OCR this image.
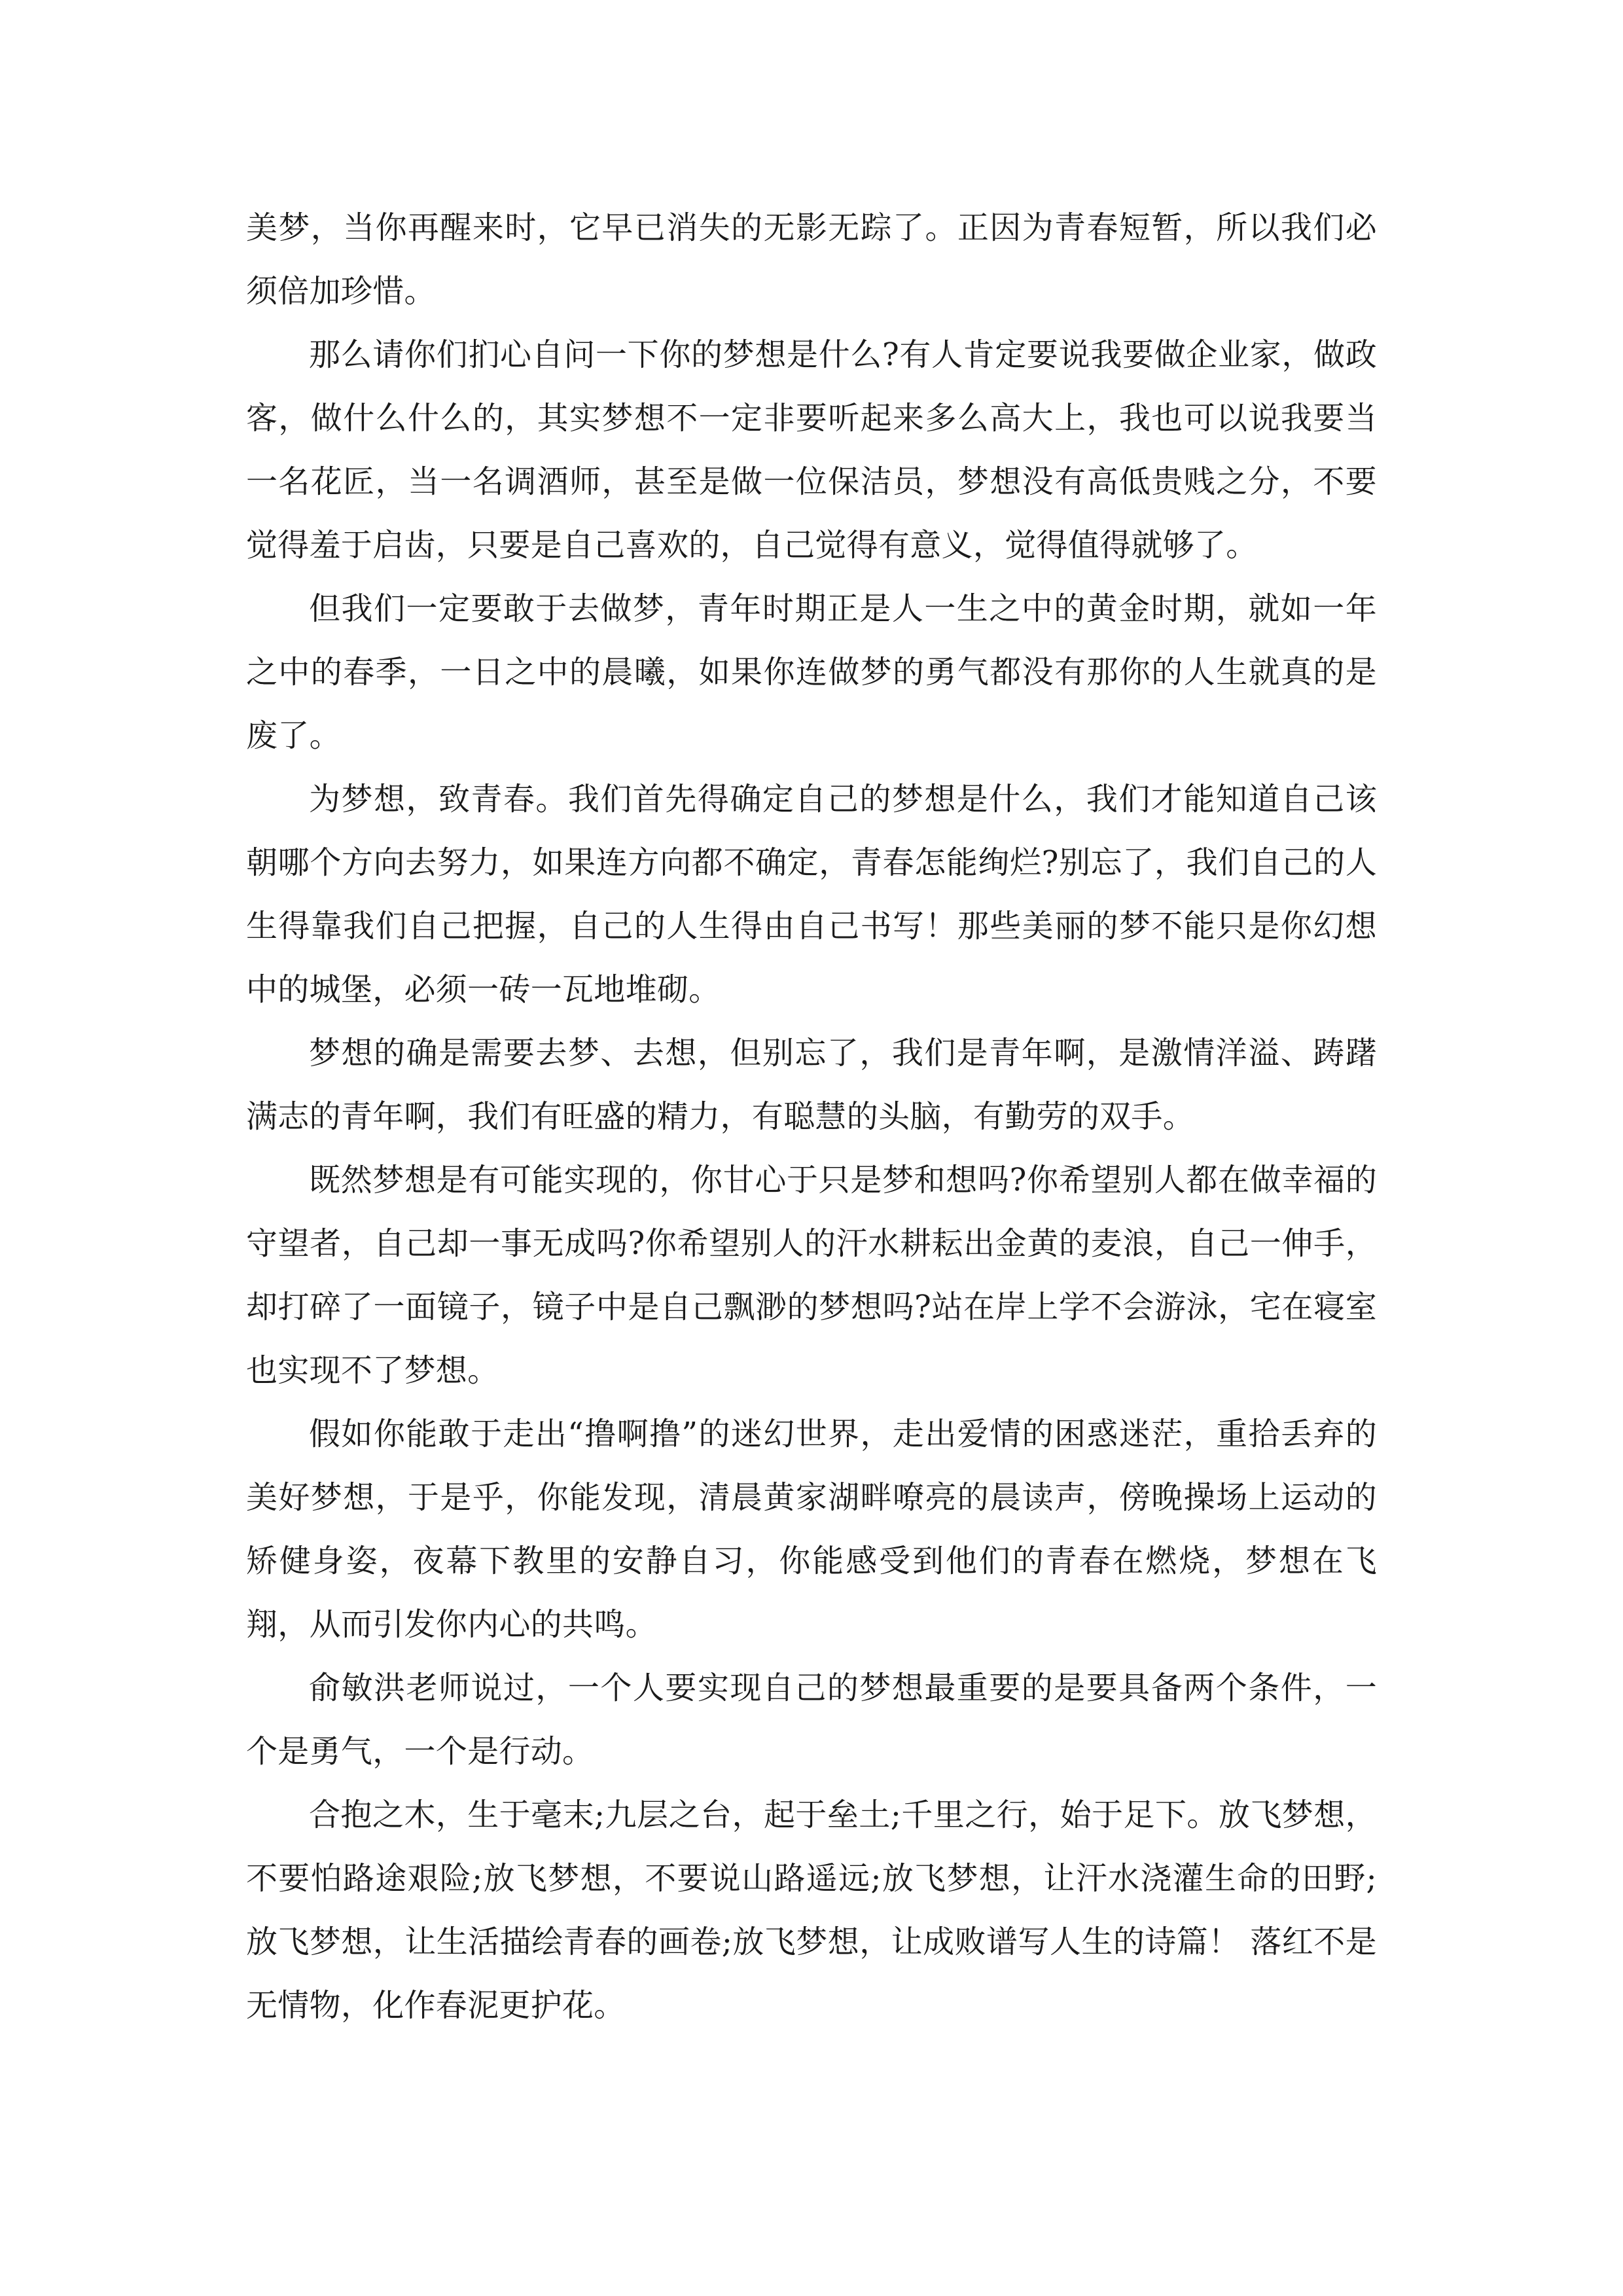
美梦，当你再醒来时，它早已消失的无影无踪了。正因为青春短暂，所以我们必须倍加珍惜。

那么请你们扪心自问一下你的梦想是什么?有人肯定要说我要做企业家，做政客，做什么什么的，其实梦想不一定非要听起来多么高大上，我也可以说我要当一名花匠，当一名调酒师，甚至是做一位保洁员，梦想没有高低贵贱之分，不要觉得羞于启齿，只要是自己喜欢的，自己觉得有意义，觉得值得就够了。

但我们一定要敢于去做梦，青年时期正是人一生之中的黄金时期，就如一年之中的春季，一日之中的晨曦，如果你连做梦的勇气都没有那你的人生就真的是废了。

为梦想，致青春。我们首先得确定自己的梦想是什么，我们才能知道自己该朝哪个方向去努力，如果连方向都不确定，青春怎能绚烂?别忘了，我们自己的人生得靠我们自己把握，自己的人生得由自己书写！那些美丽的梦不能只是你幻想中的城堡，必须一砖一瓦地堆砌。

梦想的确是需要去梦、去想，但别忘了，我们是青年啊，是激情洋溢、踌躇满志的青年啊，我们有旺盛的精力，有聪慧的头脑，有勤劳的双手。

既然梦想是有可能实现的，你甘心于只是梦和想吗?你希望别人都在做幸福的守望者，自己却一事无成吗?你希望别人的汗水耕耘出金黄的麦浪，自己一伸手，却打碎了一面镜子，镜子中是自己飘渺的梦想吗?站在岸上学不会游泳，宅在寝室也实现不了梦想。

假如你能敢于走出“撸啊撸”的迷幻世界，走出爱情的困惑迷茫，重拾丢弃的美好梦想，于是乎，你能发现，清晨黄家湖畔嘹亮的晨读声，傍晚操场上运动的矫健身姿，夜幕下教里的安静自习，你能感受到他们的青春在燃烧，梦想在飞翔，从而引发你内心的共鸣。

俞敏洪老师说过，一个人要实现自己的梦想最重要的是要具备两个条件，一个是勇气，一个是行动。

合抱之木，生于毫末;九层之台，起于垒土;千里之行，始于足下。放飞梦想，不要怕路途艰险;放飞梦想，不要说山路遥远;放飞梦想，让汗水浇灌生命的田野;放飞梦想，让生活描绘青春的画卷;放飞梦想，让成败谱写人生的诗篇！ 落红不是无情物，化作春泥更护花。
